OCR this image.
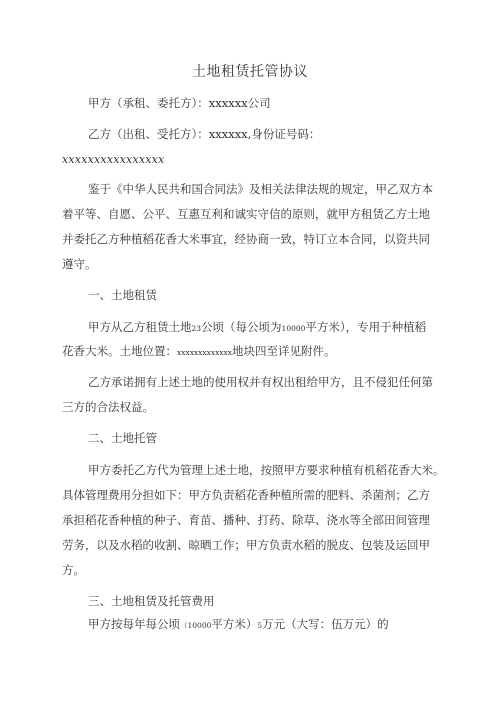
土地租赁托管协议
甲方（承租、委托方）：xxxxxx公司
乙方（出租、受托方）：xxxxxx,身份证号码：
xxxxxxxxxxxxxxxx
鉴于《中华人民共和国合同法》及相关法律法规的规定，甲乙双方本
着平等、自愿、公平、互惠互利和诚实守信的原则，就甲方租赁乙方土地
并委托乙方种植稻花香大米事宜，经协商一致，特订立本合同，以资共同
遵守。
一、土地租赁
甲方从乙方租赁土地23公顷（每公顷为10000平方米），专用于种植稻
花香大米。土地位置：xxxxxxxxxxxxx地块四至详见附件。
乙方承诺拥有上述土地的使用权并有权出租给甲方，且不侵犯任何第
三方的合法权益。
二、土地托管
甲方委托乙方代为管理上述土地，按照甲方要求种植有机稻花香大米。
具体管理费用分担如下：甲方负责稻花香种植所需的肥料、杀菌剂；乙方
承担稻花香种植的种子、育苗、播种、打药、除草、浇水等全部田间管理
劳务，以及水稻的收割、晾晒工作；甲方负责水稻的脱皮、包装及运回甲
方。
三、土地租赁及托管费用
甲方按每年每公顷（10000平方米）5万元（大写：伍万元）的
